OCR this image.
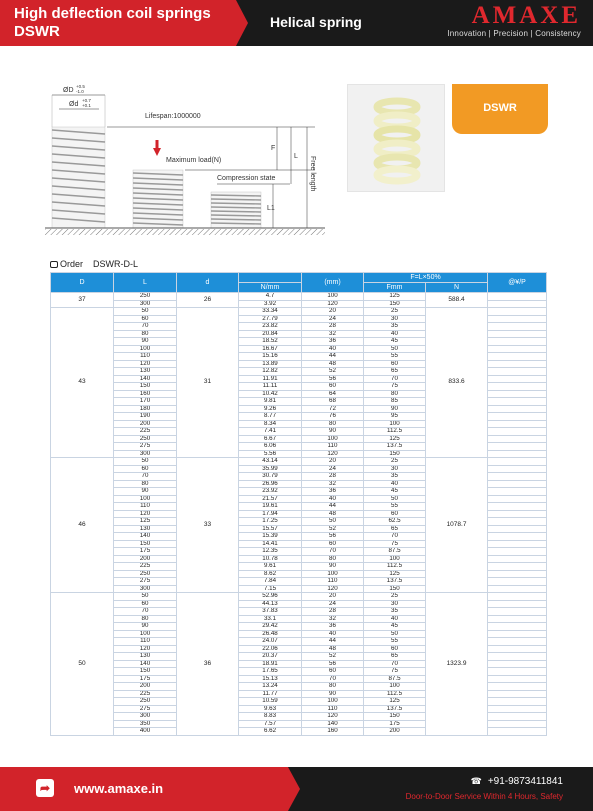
High deflection coil springs
DSWR
Helical spring	AMAXE
Innovation | Precision | Consistency
ØD
+0.5
-1.0
Ød
+0.7
+0.1
Lifespan:1000000
Maximum load(N)
Compression state
F
L
L1
Free length
DSWR
Order DSWR-D-L
D	L	d		(mm)	F=L×50%		@¥/P
			N/mm		Fmm	N	
37	250	26	4.7	100	125	588.4	
	300		3.92	120	150		
43	50	31	33.34	20	25	833.6	
	60		27.79	24	30		
	70		23.82	28	35		
	80		20.84	32	40		
	90		18.52	36	45		
	100		16.67	40	50		
	110		15.16	44	55		
	120		13.89	48	60		
	130		12.82	52	65		
	140		11.91	56	70		
	150		11.11	60	75		
	160		10.42	64	80		
	170		9.81	68	85		
	180		9.26	72	90		
	190		8.77	76	95		
	200		8.34	80	100		
	225		7.41	90	112.5		
	250		6.67	100	125		
	275		6.06	110	137.5		
	300		5.56	120	150		
46	50	33	43.14	20	25	1078.7	
	60		35.99	24	30		
	70		30.79	28	35		
	80		26.96	32	40		
	90		23.92	36	45		
	100		21.57	40	50		
	110		19.61	44	55		
	120		17.94	48	60		
	125		17.25	50	62.5		
	130		15.57	52	65		
	140		15.39	56	70		
	150		14.41	60	75		
	175		12.35	70	87.5		
	200		10.78	80	100		
	225		9.61	90	112.5		
	250		8.62	100	125		
	275		7.84	110	137.5		
	300		7.15	120	150		
50	50	36	52.96	20	25	1323.9	
	60		44.13	24	30		
	70		37.83	28	35		
	80		33.1	32	40		
	90		29.42	36	45		
	100		26.48	40	50		
	110		24.07	44	55		
	120		22.06	48	60		
	130		20.37	52	65		
	140		18.91	56	70		
	150		17.65	60	75		
	175		15.13	70	87.5		
	200		13.24	80	100		
	225		11.77	90	112.5		
	250		10.59	100	125		
	275		9.63	110	137.5		
	300		8.83	120	150		
	350		7.57	140	175		
	400		6.62	160	200		
➦	www.amaxe.in	☎ +91-9873411841
Door-to-Door Service Within 4 Hours, Safety
